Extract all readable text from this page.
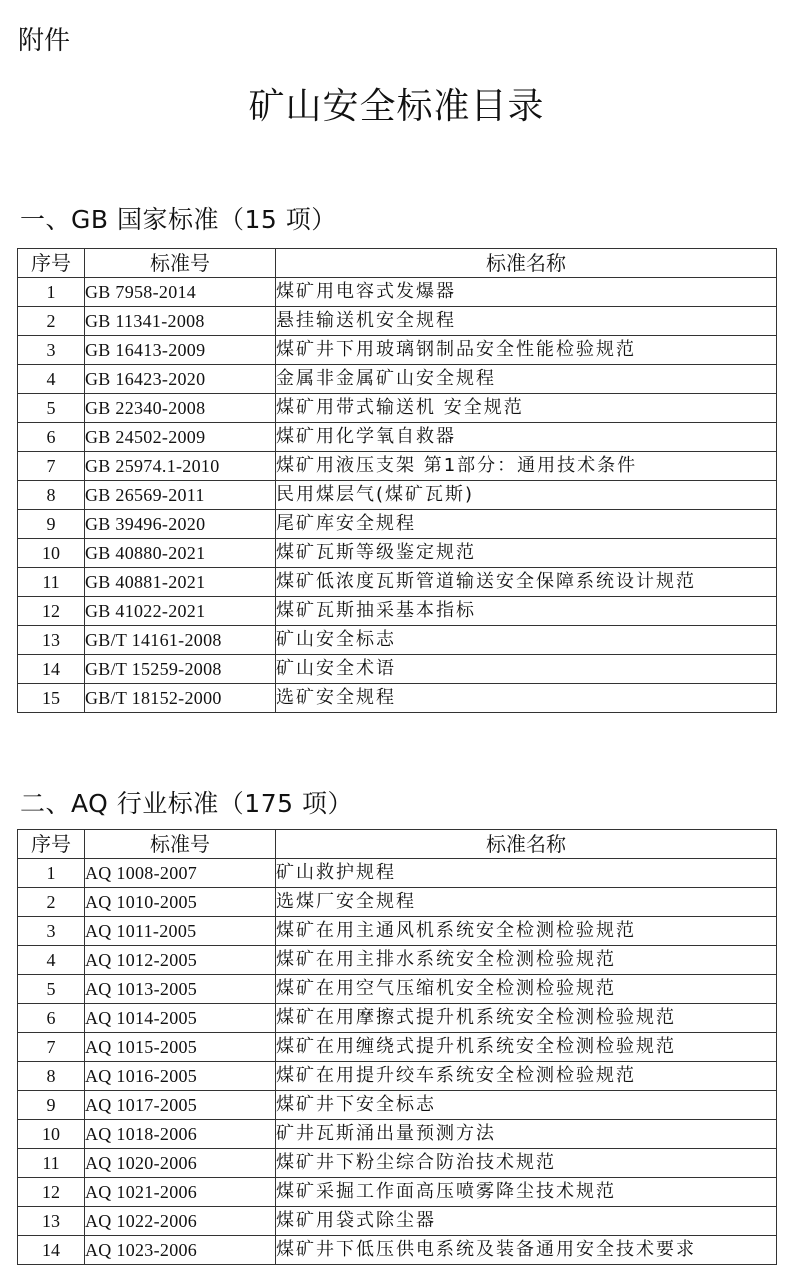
附件
矿山安全标准目录
一、GB 国家标准（15 项）
序号	标准号	标准名称
1	GB 7958-2014	煤矿用电容式发爆器
2	GB 11341-2008	悬挂输送机安全规程
3	GB 16413-2009	煤矿井下用玻璃钢制品安全性能检验规范
4	GB 16423-2020	金属非金属矿山安全规程
5	GB 22340-2008	煤矿用带式输送机 安全规范
6	GB 24502-2009	煤矿用化学氧自救器
7	GB 25974.1-2010	煤矿用液压支架 第1部分：通用技术条件
8	GB 26569-2011	民用煤层气(煤矿瓦斯)
9	GB 39496-2020	尾矿库安全规程
10	GB 40880-2021	煤矿瓦斯等级鉴定规范
11	GB 40881-2021	煤矿低浓度瓦斯管道输送安全保障系统设计规范
12	GB 41022-2021	煤矿瓦斯抽采基本指标
13	GB/T 14161-2008	矿山安全标志
14	GB/T 15259-2008	矿山安全术语
15	GB/T 18152-2000	选矿安全规程
二、AQ 行业标准（175 项）
序号	标准号	标准名称
1	AQ 1008-2007	矿山救护规程
2	AQ 1010-2005	选煤厂安全规程
3	AQ 1011-2005	煤矿在用主通风机系统安全检测检验规范
4	AQ 1012-2005	煤矿在用主排水系统安全检测检验规范
5	AQ 1013-2005	煤矿在用空气压缩机安全检测检验规范
6	AQ 1014-2005	煤矿在用摩擦式提升机系统安全检测检验规范
7	AQ 1015-2005	煤矿在用缠绕式提升机系统安全检测检验规范
8	AQ 1016-2005	煤矿在用提升绞车系统安全检测检验规范
9	AQ 1017-2005	煤矿井下安全标志
10	AQ 1018-2006	矿井瓦斯涌出量预测方法
11	AQ 1020-2006	煤矿井下粉尘综合防治技术规范
12	AQ 1021-2006	煤矿采掘工作面高压喷雾降尘技术规范
13	AQ 1022-2006	煤矿用袋式除尘器
14	AQ 1023-2006	煤矿井下低压供电系统及装备通用安全技术要求
